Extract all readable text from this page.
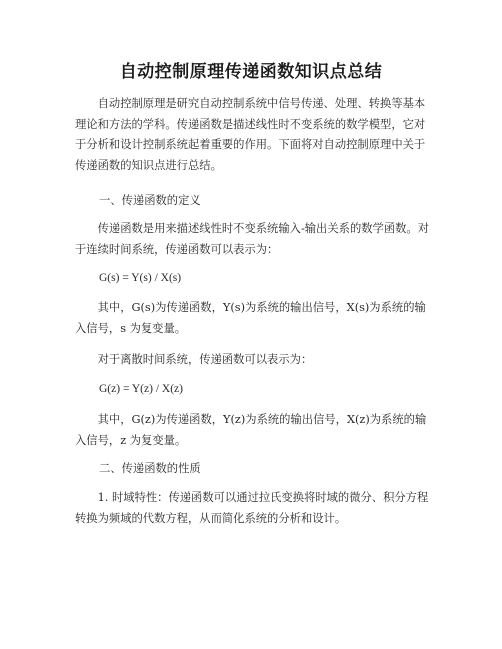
自动控制原理传递函数知识点总结

自动控制原理是研究自动控制系统中信号传递、处理、转换等基本理论和方法的学科。传递函数是描述线性时不变系统的数学模型，它对于分析和设计控制系统起着重要的作用。下面将对自动控制原理中关于传递函数的知识点进行总结。

一、传递函数的定义

传递函数是用来描述线性时不变系统输入-输出关系的数学函数。对于连续时间系统，传递函数可以表示为：

G(s) = Y(s) / X(s)

其中，G(s)为传递函数，Y(s)为系统的输出信号，X(s)为系统的输入信号，s 为复变量。

对于离散时间系统，传递函数可以表示为：

G(z) = Y(z) / X(z)

其中，G(z)为传递函数，Y(z)为系统的输出信号，X(z)为系统的输入信号，z 为复变量。

二、传递函数的性质

1. 时域特性：传递函数可以通过拉氏变换将时域的微分、积分方程转换为频域的代数方程，从而简化系统的分析和设计。
